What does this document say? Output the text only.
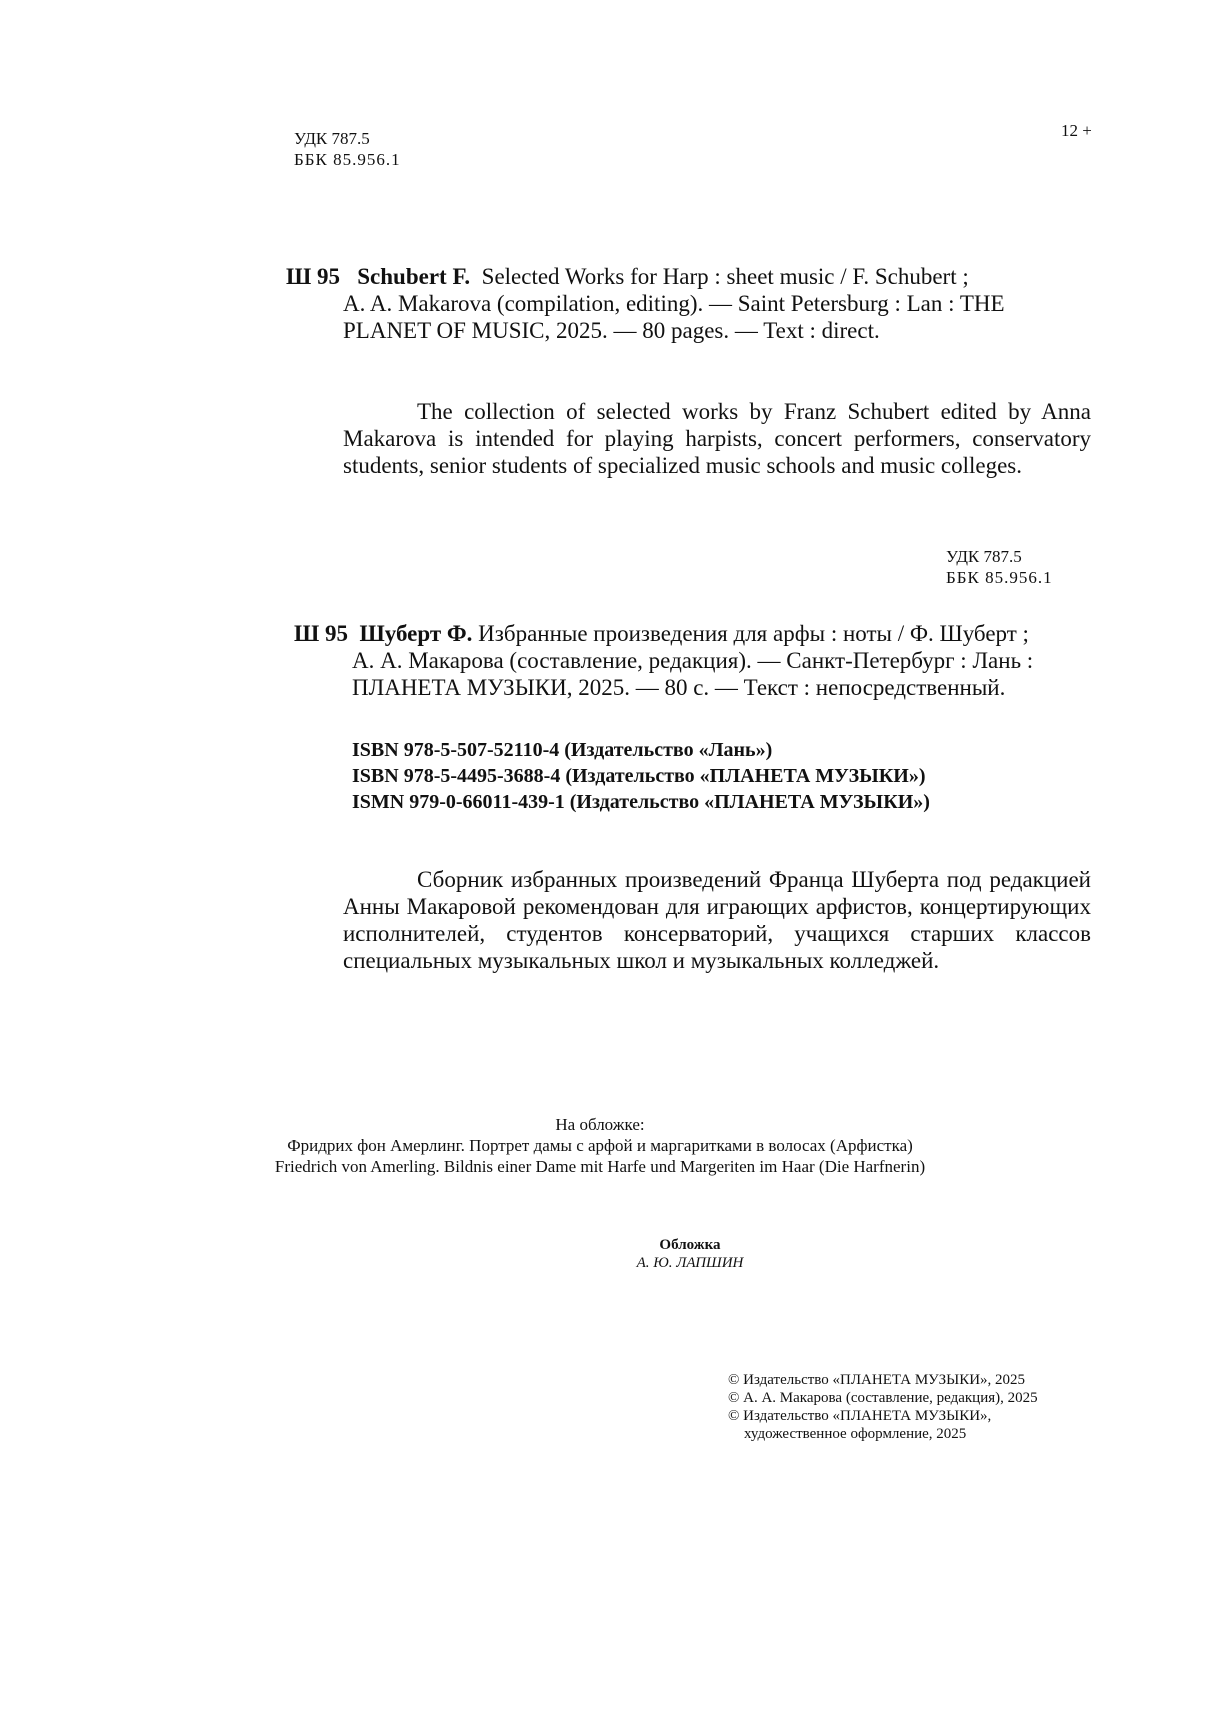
УДК 787.5
ББК 85.956.1
12 +
Ш 95 Schubert F. Selected Works for Harp : sheet music / F. Schubert ;
A. A. Makarova (compilation, editing). — Saint Petersburg : Lan : THE
PLANET OF MUSIC, 2025. — 80 pages. — Text : direct.
The collection of selected works by Franz Schubert edited by Anna Makarova is intended for playing harpists, concert performers, conservatory students, senior students of specialized music schools and music colleges.
УДК 787.5
ББК 85.956.1
Ш 95 Шуберт Ф. Избранные произведения для арфы : ноты / Ф. Шуберт ;
А. А. Макарова (составление, редакция). — Санкт-Петербург : Лань :
ПЛАНЕТА МУЗЫКИ, 2025. — 80 с. — Текст : непосредственный.
ISBN 978-5-507-52110-4 (Издательство «Лань»)
ISBN 978-5-4495-3688-4 (Издательство «ПЛАНЕТА МУЗЫКИ»)
ISMN 979-0-66011-439-1 (Издательство «ПЛАНЕТА МУЗЫКИ»)
Сборник избранных произведений Франца Шуберта под редакцией Анны Макаровой рекомендован для играющих арфистов, концертирующих исполнителей, студентов консерваторий, учащихся старших классов специальных музыкальных школ и музыкальных колледжей.
На обложке:
Фридрих фон Амерлинг. Портрет дамы с арфой и маргаритками в волосах (Арфистка)
Friedrich von Amerling. Bildnis einer Dame mit Harfe und Margeriten im Haar (Die Harfnerin)
Обложка
А. Ю. ЛАПШИН
© Издательство «ПЛАНЕТА МУЗЫКИ», 2025
© А. А. Макарова (составление, редакция), 2025
© Издательство «ПЛАНЕТА МУЗЫКИ»,
художественное оформление, 2025
